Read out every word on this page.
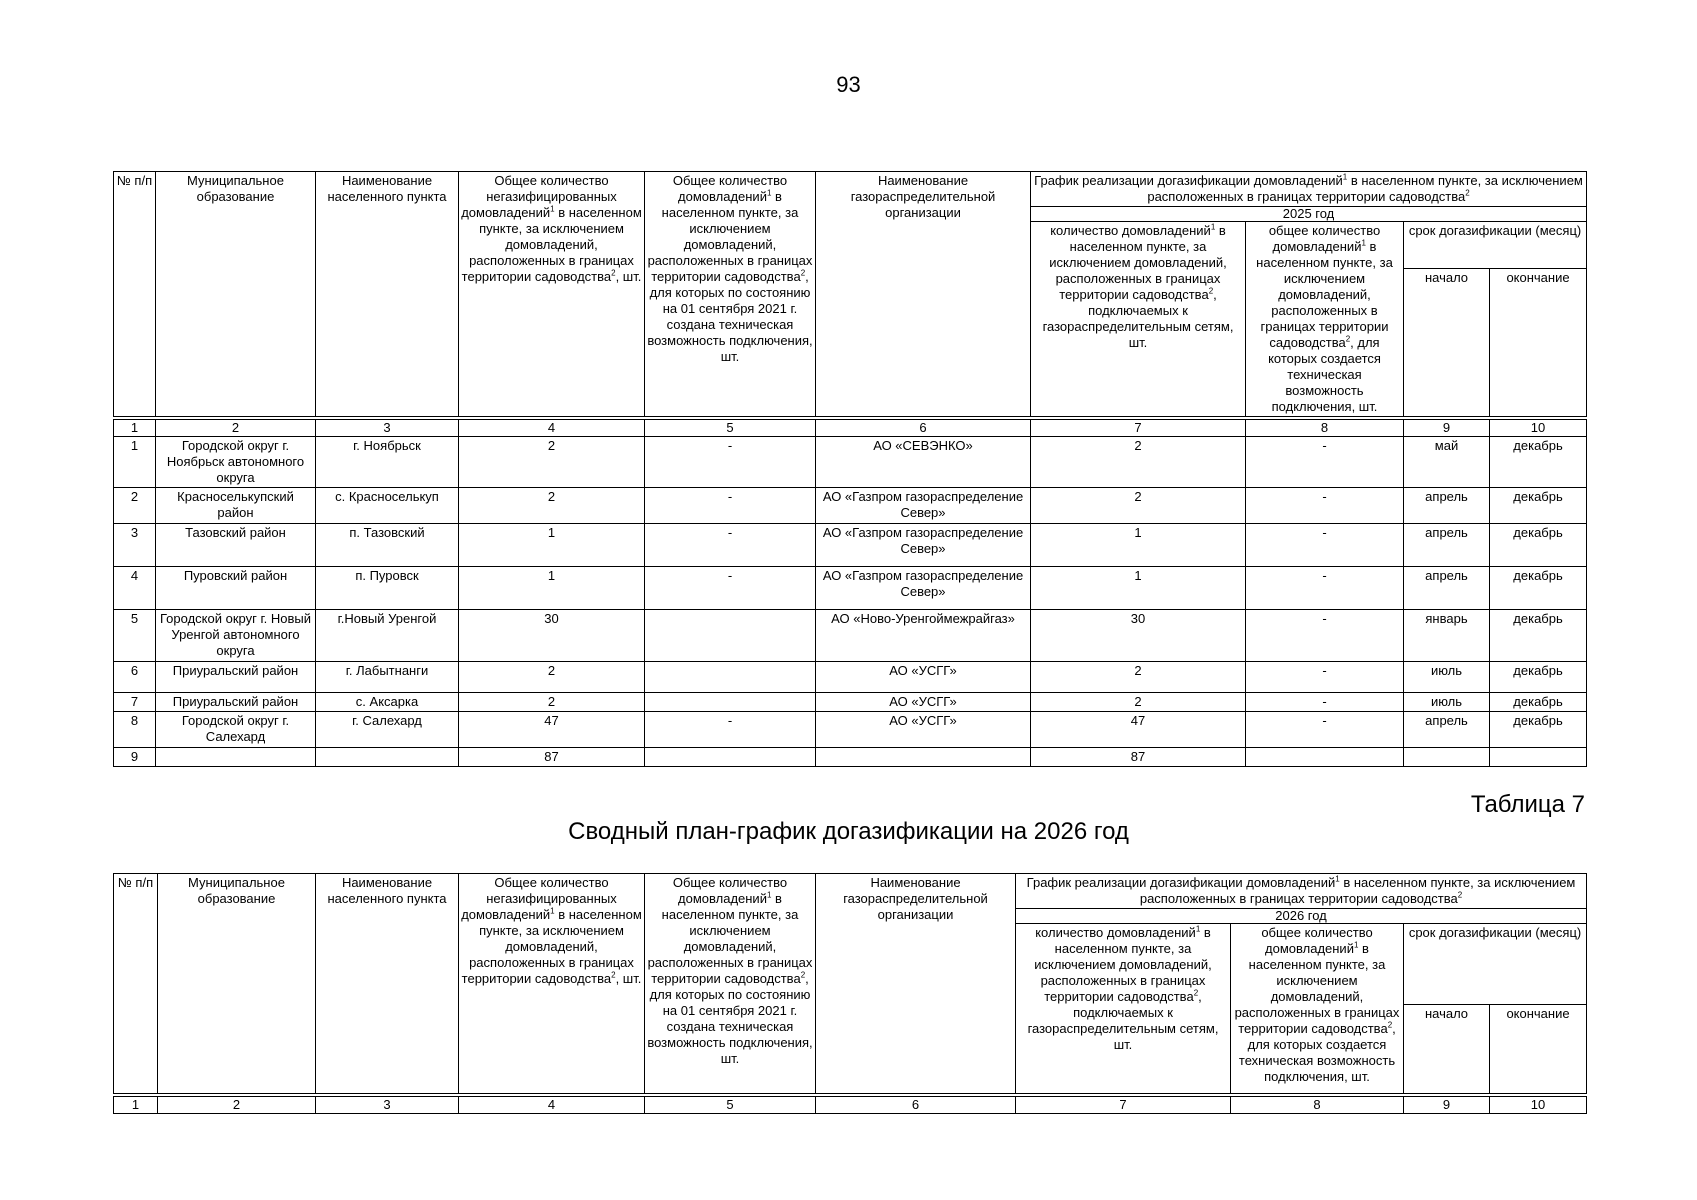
93
№ п/п	Муниципальное образование	Наименование населенного пункта	Общее количество негазифицированных домовладений$^1$ в населенном пункте, за исключением домовладений, расположенных в границах территории садоводства$^2$, шт.	Общее количество домовладений$^1$ в населенном пункте, за исключением домовладений, расположенных в границах территории садоводства$^2$, для которых по состоянию на 01 сентября 2021 г. создана техническая возможность подключения, шт.	Наименование газораспределительной организации	График реализации догазификации домовладений$^1$ в населенном пункте, за исключением расположенных в границах территории садоводства$^2$
						2025 год			
						количество домовладений$^1$ в населенном пункте, за исключением домовладений, расположенных в границах территории садоводства$^2$, подключаемых к газораспределительным сетям, шт.	общее количество домовладений$^1$ в населенном пункте, за исключением домовладений, расположенных в границах территории садоводства$^2$, для которых создается техническая возможность подключения, шт.	срок догазификации (месяц)	
								начало	окончание

1	2	3	4	5	6	7	8	9	10
1	Городской округ г. Ноябрьск автономного округа	г. Ноябрьск	2	-	АО «СЕВЭНКО»	2	-	май	декабрь
2	Красноселькупский район	с. Красноселькуп	2	-	АО «Газпром газораспределение Север»	2	-	апрель	декабрь
3	Тазовский район	п. Тазовский	1	-	АО «Газпром газораспределение Север»	1	-	апрель	декабрь
4	Пуровский район	п. Пуровск	1	-	АО «Газпром газораспределение Север»	1	-	апрель	декабрь
5	Городской округ г. Новый Уренгой автономного округа	г.Новый Уренгой	30		АО «Ново-Уренгоймежрайгаз»	30	-	январь	декабрь
6	Приуральский район	г. Лабытнанги	2		АО «УСГГ»	2	-	июль	декабрь
7	Приуральский район	с. Аксарка	2		АО «УСГГ»	2	-	июль	декабрь
8	Городской округ г. Салехард	г. Салехард	47	-	АО «УСГГ»	47	-	апрель	декабрь
9			87			87			
Таблица 7
Сводный план-график догазификации на 2026 год
№ п/п	Муниципальное образование	Наименование населенного пункта	Общее количество негазифицированных домовладений$^1$ в населенном пункте, за исключением домовладений, расположенных в границах территории садоводства$^2$, шт.	Общее количество домовладений$^1$ в населенном пункте, за исключением домовладений, расположенных в границах территории садоводства$^2$, для которых по состоянию на 01 сентября 2021 г. создана техническая возможность подключения, шт.	Наименование газораспределительной организации	График реализации догазификации домовладений$^1$ в населенном пункте, за исключением расположенных в границах территории садоводства$^2$
						2026 год			
						количество домовладений$^1$ в населенном пункте, за исключением домовладений, расположенных в границах территории садоводства$^2$, подключаемых к газораспределительным сетям, шт.	общее количество домовладений$^1$ в населенном пункте, за исключением домовладений, расположенных в границах территории садоводства$^2$, для которых создается техническая возможность подключения, шт.	срок догазификации (месяц)	
								начало	окончание

1	2	3	4	5	6	7	8	9	10
